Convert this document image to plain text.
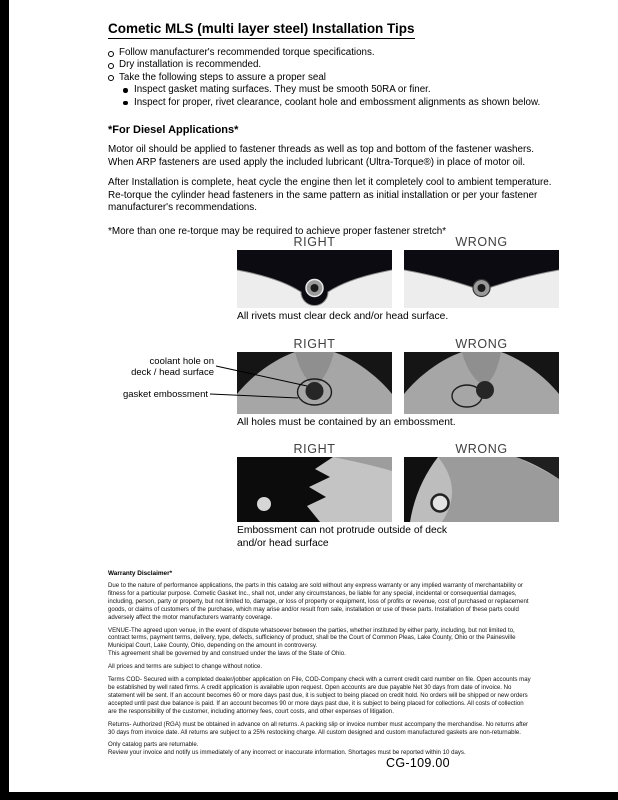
Cometic MLS (multi layer steel) Installation Tips
Follow manufacturer's recommended torque specifications.
Dry installation is recommended.
Take the following steps to assure a proper seal
Inspect gasket mating surfaces. They must be smooth 50RA or finer.
Inspect for proper, rivet clearance, coolant hole and embossment alignments as shown below.
*For Diesel Applications*

Motor oil should be applied to fastener threads as well as top and bottom of the fastener washers. When ARP fasteners are used apply the included lubricant (Ultra-Torque®) in place of motor oil.

After Installation is complete, heat cycle the engine then let it completely cool to ambient temperature. Re-torque the cylinder head fasteners in the same pattern as initial installation or per your fastener manufacturer's recommendations.

*More than one re-torque may be required to achieve proper fastener stretch*

RIGHT	WRONG
All rivets must clear deck and/or head surface.
RIGHT	WRONG
coolant hole on
deck / head surface
gasket embossment
All holes must be contained by an embossment.
RIGHT	WRONG
Embossment can not protrude outside of deck
and/or head surface
Warranty Disclaimer*

Due to the nature of performance applications, the parts in this catalog are sold without any express warranty or any implied warranty of merchantability or fitness for a particular purpose. Cometic Gasket Inc., shall not, under any circumstances, be liable for any special, incidental or consequential damages, including, person, party or property, but not limited to, damage, or loss of property or equipment, loss of profits or revenue, cost of purchased or replacement goods, or claims of customers of the purchase, which may arise and/or result from sale, installation or use of these parts. Installation of these parts could adversely affect the motor manufacturers warranty coverage.

VENUE-The agreed upon venue, in the event of dispute whatsoever between the parties, whether instituted by either party, including, but not limited to, contract terms, payment terms, delivery, type, defects, sufficiency of product, shall be the Court of Common Pleas, Lake County, Ohio or the Painesville Municipal Court, Lake County, Ohio, depending on the amount in controversy.
This agreement shall be governed by and construed under the laws of the State of Ohio.

All prices and terms are subject to change without notice.

Terms COD- Secured with a completed dealer/jobber application on File, COD-Company check with a current credit card number on file. Open accounts may be established by well rated firms. A credit application is available upon request. Open accounts are due payable Net 30 days from date of invoice. No statement will be sent. If an account becomes 60 or more days past due, it is subject to being placed on credit hold. No orders will be shipped or new orders accepted until past due balance is paid. If an account becomes 90 or more days past due, it is subject to being placed for collections. All costs of collection are the responsibility of the customer, including attorney fees, court costs, and other expenses of litigation.

Returns- Authorized (RGA) must be obtained in advance on all returns. A packing slip or invoice number must accompany the merchandise. No returns after 30 days from invoice date. All returns are subject to a 25% restocking charge. All custom designed and custom manufactured gaskets are non-returnable.

Only catalog parts are returnable.
Review your invoice and notify us immediately of any incorrect or inaccurate information. Shortages must be reported within 10 days.

CG-109.00
